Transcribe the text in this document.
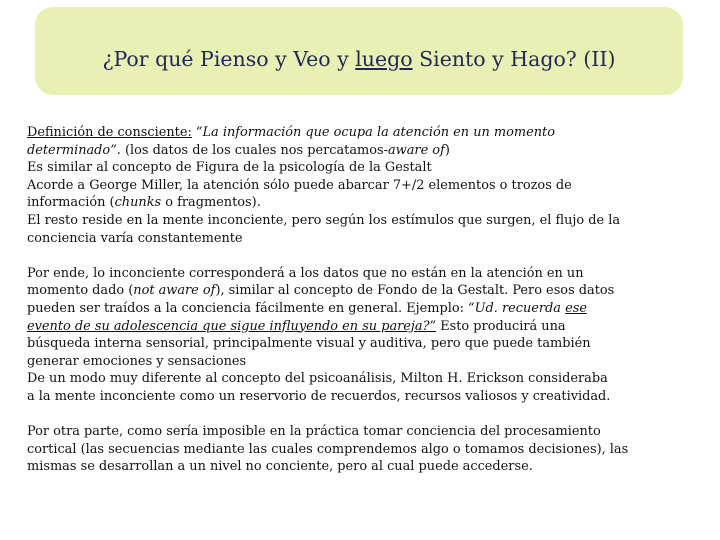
¿Por qué Pienso y Veo y luego Siento y Hago? (II)
Definición de consciente: “La información que ocupa la atención en un momento
determinado”. (los datos de los cuales nos percatamos-aware of)
Es similar al concepto de Figura de la psicología de la Gestalt
Acorde a George Miller, la atención sólo puede abarcar 7+/2 elementos o trozos de
información (chunks o fragmentos).
El resto reside en la mente inconciente, pero según los estímulos que surgen, el flujo de la
conciencia varía constantemente
Por ende, lo inconciente corresponderá a los datos que no están en la atención en un
momento dado (not aware of), similar al concepto de Fondo de la Gestalt. Pero esos datos
pueden ser traídos a la conciencia fácilmente en general. Ejemplo: “Ud. recuerda ese
evento de su adolescencia que sigue influyendo en su pareja?” Esto producirá una
búsqueda interna sensorial, principalmente visual y auditiva, pero que puede también
generar emociones y sensaciones
De un modo muy diferente al concepto del psicoanálisis, Milton H. Erickson consideraba
a la mente inconciente como un reservorio de recuerdos, recursos valiosos y creatividad.
Por otra parte, como sería imposible en la práctica tomar conciencia del procesamiento
cortical (las secuencias mediante las cuales comprendemos algo o tomamos decisiones), las
mismas se desarrollan a un nivel no conciente, pero al cual puede accederse.
